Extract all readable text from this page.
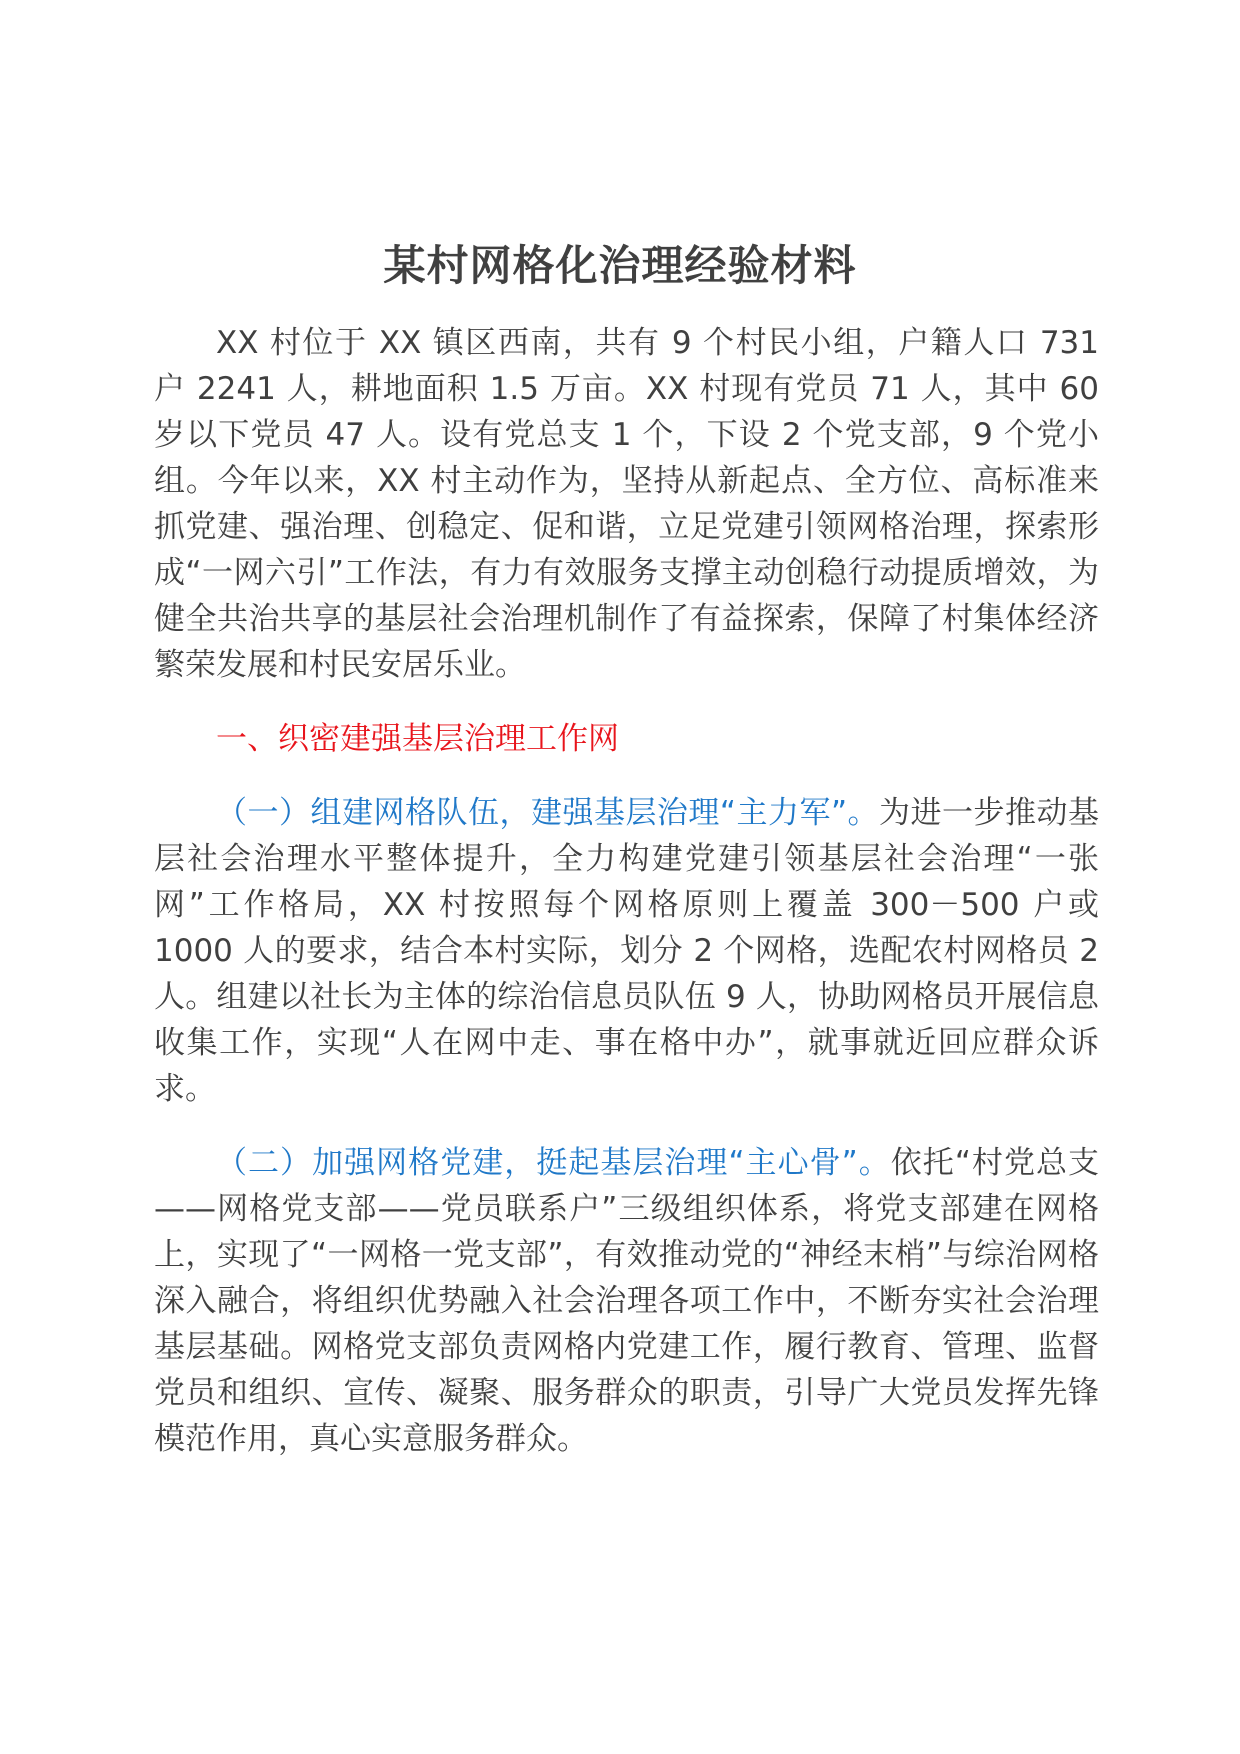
某村网格化治理经验材料

XX 村位于 XX 镇区西南，共有 9 个村民小组，户籍人口 731 户 2241 人，耕地面积 1.5 万亩。XX 村现有党员 71 人，其中 60 岁以下党员 47 人。设有党总支 1 个，下设 2 个党支部，9 个党小组。今年以来，XX 村主动作为，坚持从新起点、全方位、高标准来抓党建、强治理、创稳定、促和谐，立足党建引领网格治理，探索形成“一网六引”工作法，有力有效服务支撑主动创稳行动提质增效，为健全共治共享的基层社会治理机制作了有益探索，保障了村集体经济繁荣发展和村民安居乐业。

一、织密建强基层治理工作网

（一）组建网格队伍，建强基层治理“主力军”。为进一步推动基层社会治理水平整体提升，全力构建党建引领基层社会治理“一张网”工作格局，XX 村按照每个网格原则上覆盖 300－500 户或 1000 人的要求，结合本村实际，划分 2 个网格，选配农村网格员 2 人。组建以社长为主体的综治信息员队伍 9 人，协助网格员开展信息收集工作，实现“人在网中走、事在格中办”，就事就近回应群众诉求。

（二）加强网格党建，挺起基层治理“主心骨”。依托“村党总支——网格党支部——党员联系户”三级组织体系，将党支部建在网格上，实现了“一网格一党支部”，有效推动党的“神经末梢”与综治网格深入融合，将组织优势融入社会治理各项工作中，不断夯实社会治理基层基础。网格党支部负责网格内党建工作，履行教育、管理、监督党员和组织、宣传、凝聚、服务群众的职责，引导广大党员发挥先锋模范作用，真心实意服务群众。
